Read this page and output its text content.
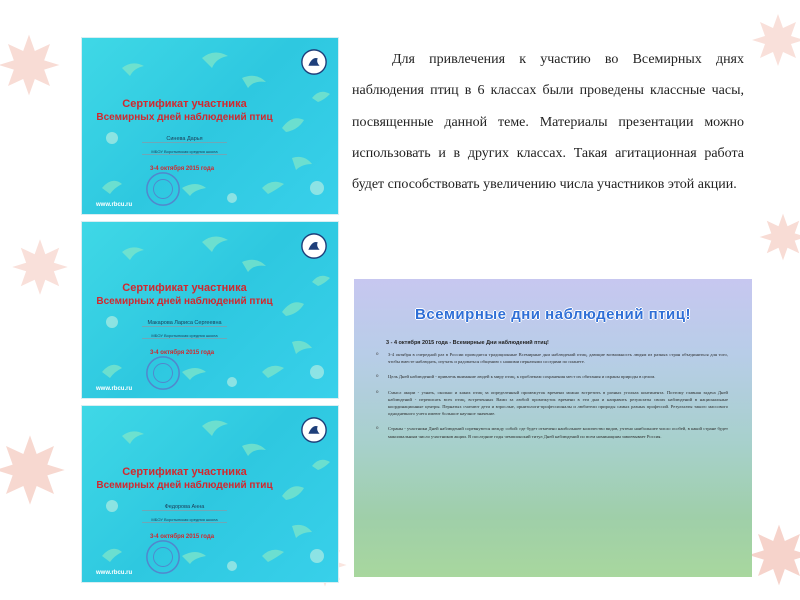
Сертификат участника
Всемирных дней наблюдений птиц
Синева Дарья
МБОУ Воротынская средняя школа
3-4 октября 2015 года
www.rbcu.ru
Сертификат участника
Всемирных дней наблюдений птиц
Макарова Лариса Сергеевна
МБОУ Воротынская средняя школа
3-4 октября 2015 года
www.rbcu.ru
Сертификат участника
Всемирных дней наблюдений птиц
Федорова Анна
МБОУ Воротынская средняя школа
3-4 октября 2015 года
www.rbcu.ru

Для привлечения к участию во Всемирных днях наблюдения птиц в 6 классах были проведены классные часы, посвященные данной теме. Материалы презентации можно использовать и в других классах. Такая агитационная работа будет способствовать увеличению числа участников этой акции.

Всемирные дни наблюдений птиц!
3 - 4 октября 2015 года - Всемирные Дни наблюдений птиц!
o 3-4 октября в очередной раз в России проводятся традиционные Всемирные дни наблюдений птиц, дающие возможность людям из разных стран объединиться для того, чтобы вместе наблюдать, изучать и радоваться общению с нашими пернатыми соседями по планете.
o Цель Дней наблюдений - привлечь внимание людей к миру птиц, к проблемам сохранения мест их обитания и охраны природы в целом.
o Смысл акции - узнать, сколько и каких птиц за определенный промежуток времени можно встретить в разных уголках континента. Поэтому главная задача Дней наблюдений - переписать всех птиц, встреченных Вами за любой промежуток времени в эти дни и направить результаты своих наблюдений в национальные координационные центры. Пернатых считают дети и взрослые, орнитологи-профессионалы и любители природы самых разных профессий. Результаты такого массового однодневного учета имеют большое научное значение.
o Страны - участники Дней наблюдений соревнуются между собой: где будет отмечено наибольшее количество видов, учтено наибольшее число особей, в какой стране будет максимальным число участников акции. В последние годы чемпионский титул Дней наблюдений по всем номинациям завоевывает Россия.
